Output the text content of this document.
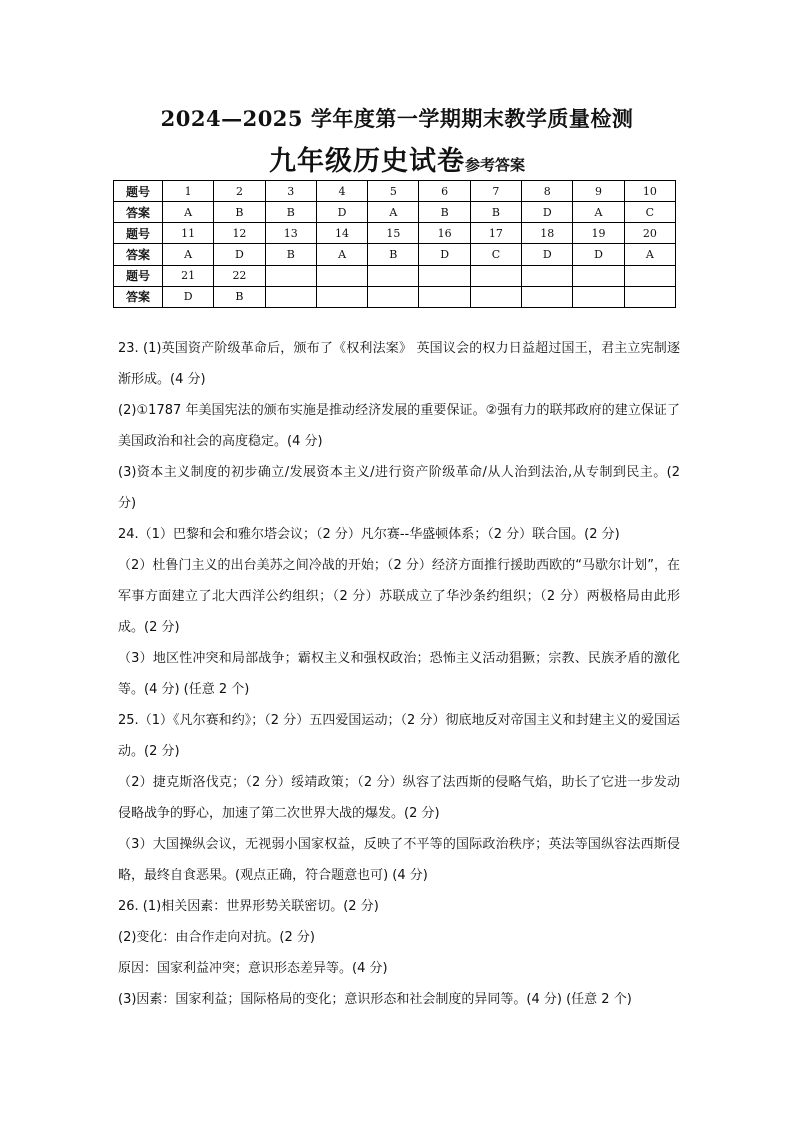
2024—2025 学年度第一学期期末教学质量检测
九年级历史试卷参考答案
题号	1	2	3	4	5	6	7	8	9	10
答案	A	B	B	D	A	B	B	D	A	C
题号	11	12	13	14	15	16	17	18	19	20
答案	A	D	B	A	B	D	C	D	D	A
题号	21	22								
答案	D	B								

23. (1)英国资产阶级革命后，颁布了《权利法案》 英国议会的权力日益超过国王，君主立宪制逐渐形成。(4 分)

(2)①1787 年美国宪法的颁布实施是推动经济发展的重要保证。②强有力的联邦政府的建立保证了美国政治和社会的高度稳定。(4 分)

(3)资本主义制度的初步确立/发展资本主义/进行资产阶级革命/从人治到法治,从专制到民主。(2 分)

24.（1）巴黎和会和雅尔塔会议；（2 分）凡尔赛--华盛顿体系；（2 分）联合国。(2 分)

（2）杜鲁门主义的出台美苏之间冷战的开始；（2 分）经济方面推行援助西欧的“马歇尔计划”，在军事方面建立了北大西洋公约组织；（2 分）苏联成立了华沙条约组织；（2 分）两极格局由此形成。(2 分)

（3）地区性冲突和局部战争；霸权主义和强权政治；恐怖主义活动猖獗；宗教、民族矛盾的激化等。(4 分) (任意 2 个)

25.（1）《凡尔赛和约》；（2 分）五四爱国运动；（2 分）彻底地反对帝国主义和封建主义的爱国运动。(2 分)

（2）捷克斯洛伐克；（2 分）绥靖政策；（2 分）纵容了法西斯的侵略气焰，助长了它进一步发动侵略战争的野心，加速了第二次世界大战的爆发。(2 分)

（3）大国操纵会议，无视弱小国家权益，反映了不平等的国际政治秩序；英法等国纵容法西斯侵略，最终自食恶果。(观点正确，符合题意也可) (4 分)

26. (1)相关因素：世界形势关联密切。(2 分)

(2)变化：由合作走向对抗。(2 分)

原因：国家利益冲突；意识形态差异等。(4 分)

(3)因素：国家利益；国际格局的变化；意识形态和社会制度的异同等。(4 分) (任意 2 个)
